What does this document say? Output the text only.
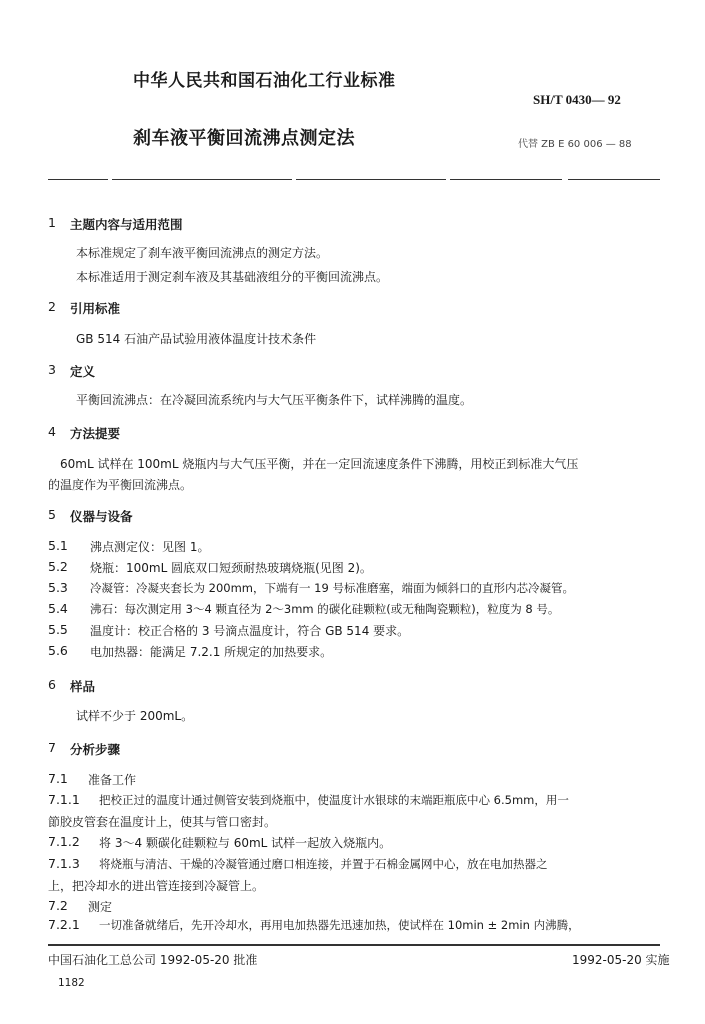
中华人民共和国石油化工行业标准
SH/T 0430— 92
刹车液平衡回流沸点测定法	代替 ZB E 60 006 — 88
1 主题内容与适用范围
本标准规定了刹车液平衡回流沸点的测定方法。
本标准适用于测定刹车液及其基础液组分的平衡回流沸点。
2 引用标准
GB 514 石油产品试验用液体温度计技术条件
3 定义
平衡回流沸点：在冷凝回流系统内与大气压平衡条件下，试样沸腾的温度。
4 方法提要
60mL 试样在 100mL 烧瓶内与大气压平衡，并在一定回流速度条件下沸腾，用校正到标准大气压
的温度作为平衡回流沸点。
5 仪器与设备
5.1 沸点测定仪：见图 1。
5.2 烧瓶：100mL 圆底双口短颈耐热玻璃烧瓶(见图 2)。
5.3 冷凝管：冷凝夹套长为 200mm，下端有一 19 号标准磨塞，端面为倾斜口的直形内芯冷凝管。
5.4 沸石：每次测定用 3～4 颗直径为 2～3mm 的碳化硅颗粒(或无釉陶瓷颗粒)，粒度为 8 号。
5.5 温度计：校正合格的 3 号滴点温度计，符合 GB 514 要求。
5.6 电加热器：能满足 7.2.1 所规定的加热要求。
6 样品
试样不少于 200mL。
7 分析步骤
7.1 准备工作
7.1.1 把校正过的温度计通过侧管安装到烧瓶中，使温度计水银球的末端距瓶底中心 6.5mm，用一
節胶皮管套在温度计上，使其与管口密封。
7.1.2 将 3～4 颗碳化硅颗粒与 60mL 试样一起放入烧瓶内。
7.1.3 将烧瓶与清洁、干燥的冷凝管通过磨口相连接，并置于石棉金属网中心，放在电加热器之
上，把冷却水的进出管连接到冷凝管上。
7.2 测定
7.2.1 一切准备就绪后，先开冷却水，再用电加热器先迅速加热，使试样在 10min ± 2min 内沸腾，
中国石油化工总公司 1992-05-20 批准	1992-05-20 实施
1182
